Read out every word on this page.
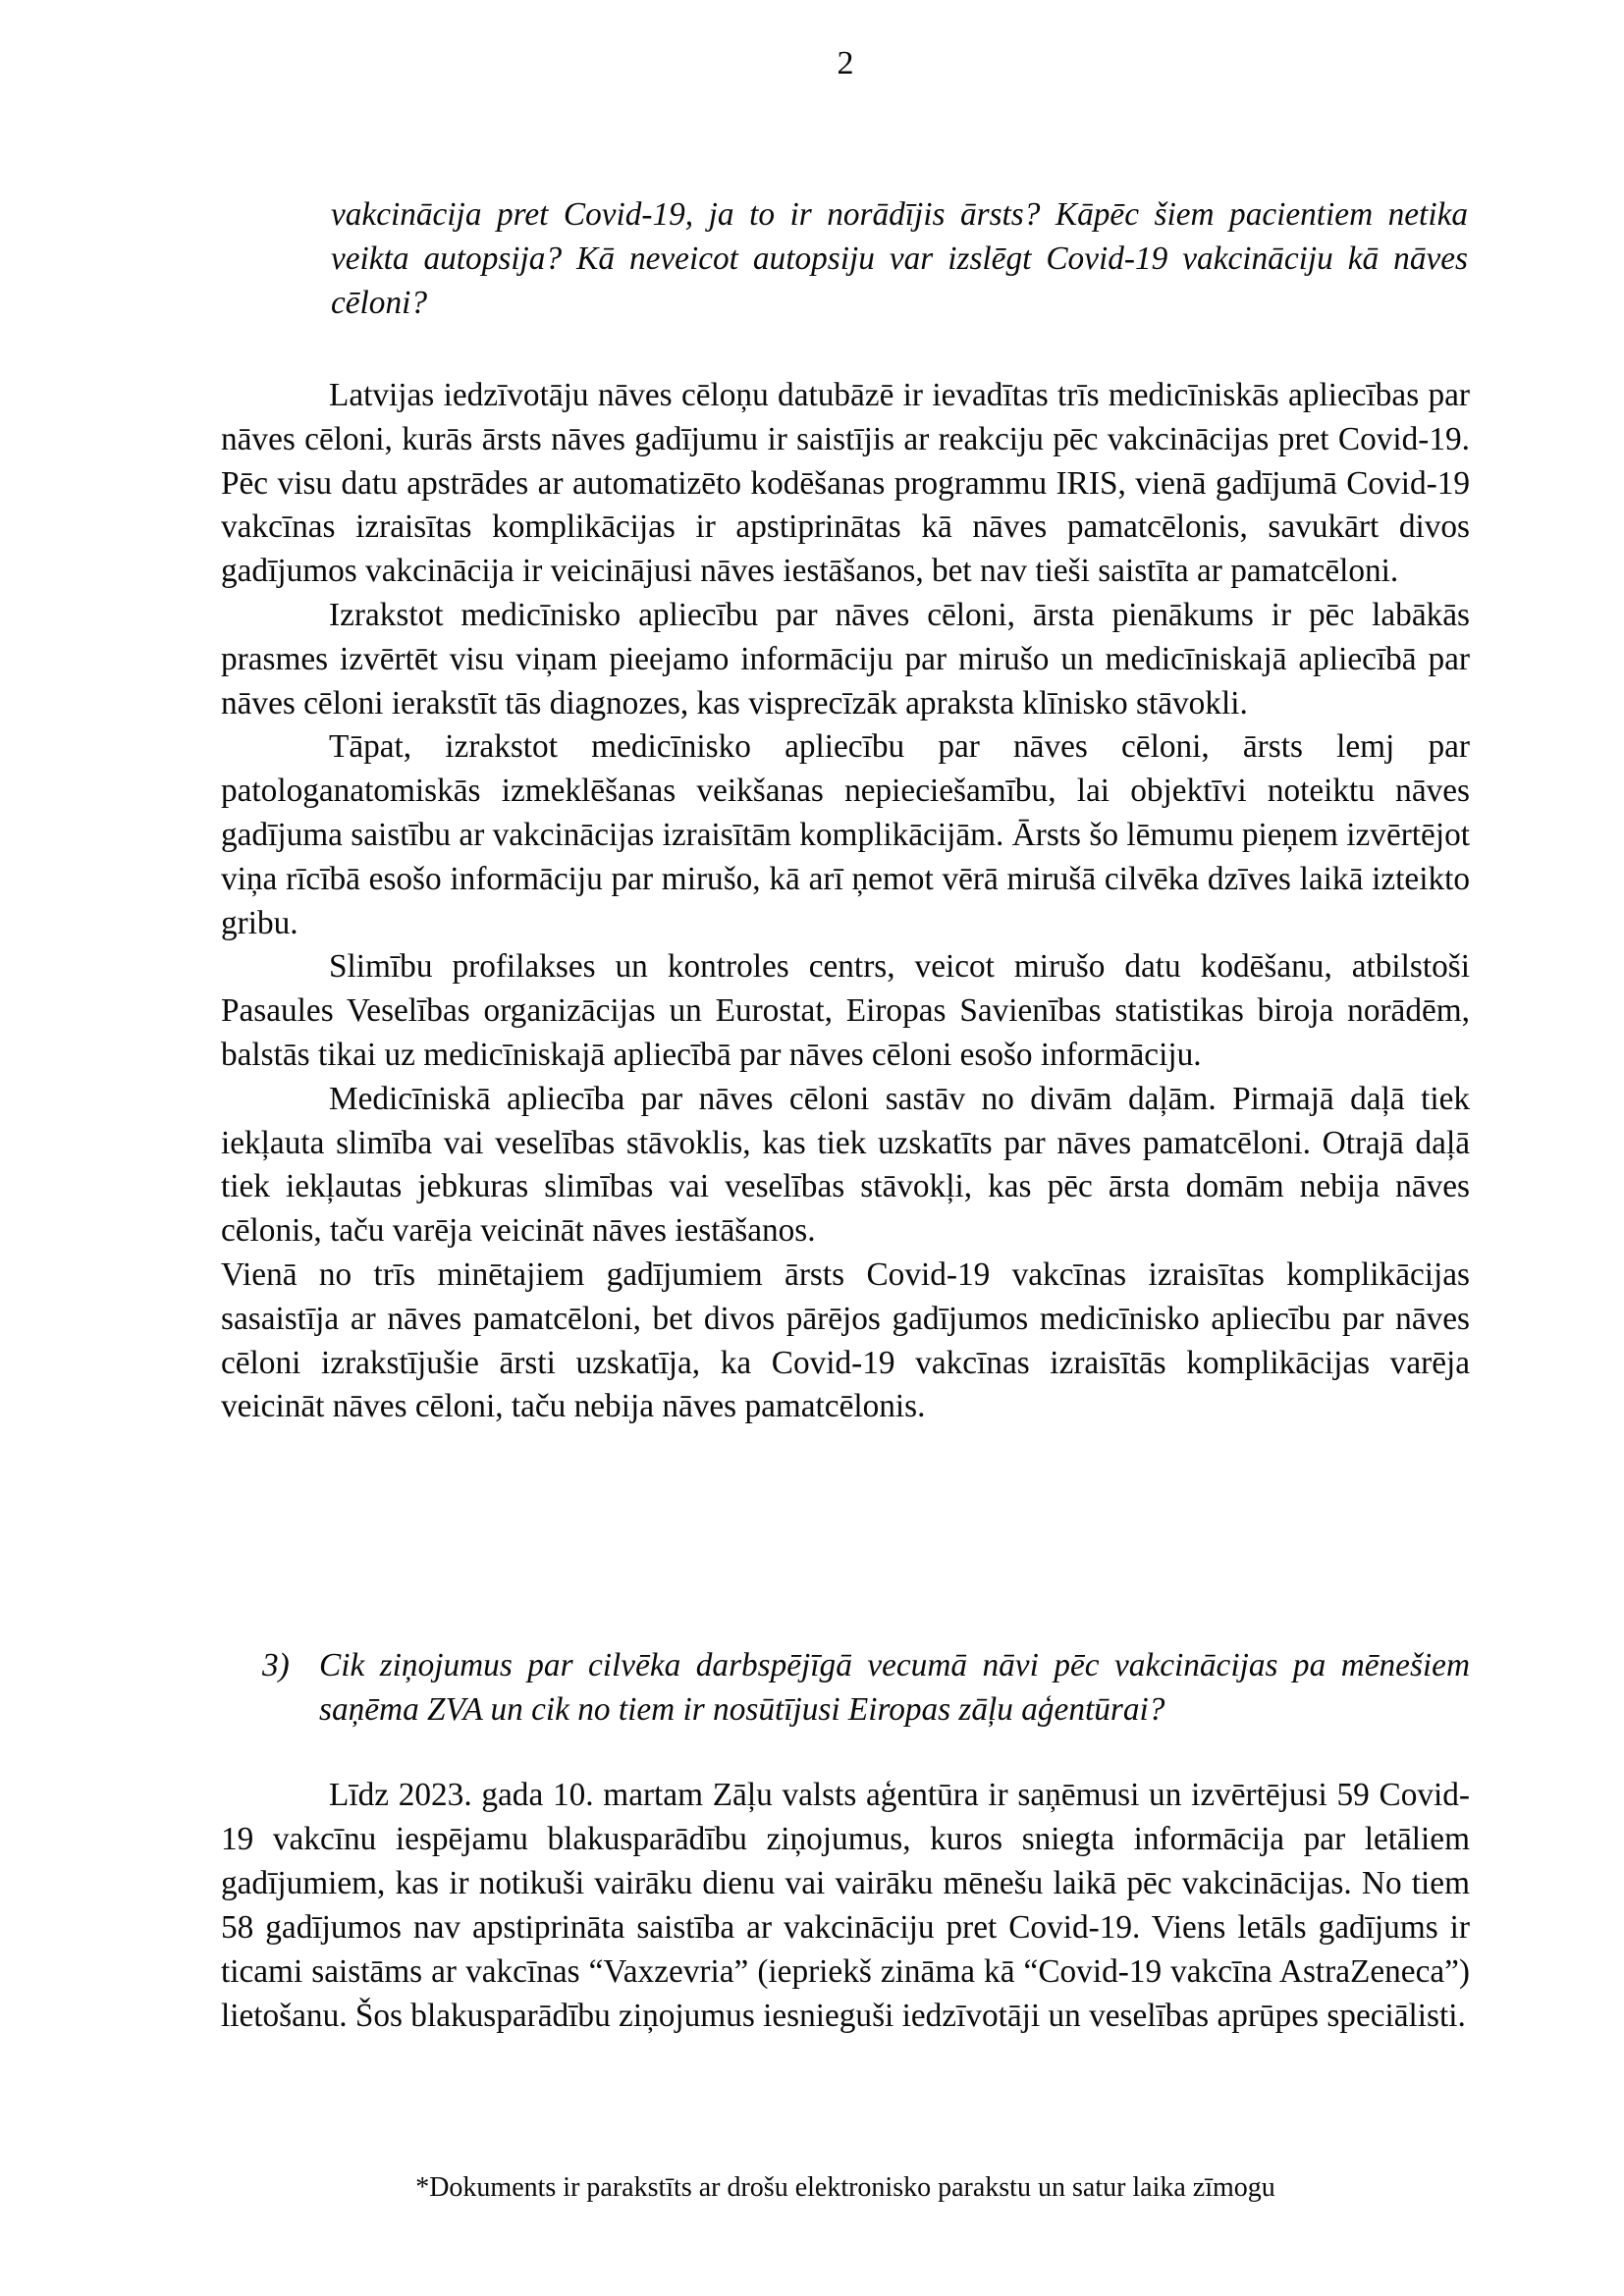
2
vakcinācija pret Covid-19, ja to ir norādījis ārsts? Kāpēc šiem pacientiem netika veikta autopsija? Kā neveicot autopsiju var izslēgt Covid-19 vakcināciju kā nāves cēloni?

Latvijas iedzīvotāju nāves cēloņu datubāzē ir ievadītas trīs medicīniskās apliecības par nāves cēloni, kurās ārsts nāves gadījumu ir saistījis ar reakciju pēc vakcinācijas pret Covid-19. Pēc visu datu apstrādes ar automatizēto kodēšanas programmu IRIS, vienā gadījumā Covid-19 vakcīnas izraisītas komplikācijas ir apstiprinātas kā nāves pamatcēlonis, savukārt divos gadījumos vakcinācija ir veicinājusi nāves iestāšanos, bet nav tieši saistīta ar pamatcēloni.

Izrakstot medicīnisko apliecību par nāves cēloni, ārsta pienākums ir pēc labākās prasmes izvērtēt visu viņam pieejamo informāciju par mirušo un medicīniskajā apliecībā par nāves cēloni ierakstīt tās diagnozes, kas visprecīzāk apraksta klīnisko stāvokli.

Tāpat, izrakstot medicīnisko apliecību par nāves cēloni, ārsts lemj par patologanatomiskās izmeklēšanas veikšanas nepieciešamību, lai objektīvi noteiktu nāves gadījuma saistību ar vakcinācijas izraisītām komplikācijām. Ārsts šo lēmumu pieņem izvērtējot viņa rīcībā esošo informāciju par mirušo, kā arī ņemot vērā mirušā cilvēka dzīves laikā izteikto gribu.

Slimību profilakses un kontroles centrs, veicot mirušo datu kodēšanu, atbilstoši Pasaules Veselības organizācijas un Eurostat, Eiropas Savienības statistikas biroja norādēm, balstās tikai uz medicīniskajā apliecībā par nāves cēloni esošo informāciju.

Medicīniskā apliecība par nāves cēloni sastāv no divām daļām. Pirmajā daļā tiek iekļauta slimība vai veselības stāvoklis, kas tiek uzskatīts par nāves pamatcēloni. Otrajā daļā tiek iekļautas jebkuras slimības vai veselības stāvokļi, kas pēc ārsta domām nebija nāves cēlonis, taču varēja veicināt nāves iestāšanos.

Vienā no trīs minētajiem gadījumiem ārsts Covid-19 vakcīnas izraisītas komplikācijas sasaistīja ar nāves pamatcēloni, bet divos pārējos gadījumos medicīnisko apliecību par nāves cēloni izrakstījušie ārsti uzskatīja, ka Covid-19 vakcīnas izraisītās komplikācijas varēja veicināt nāves cēloni, taču nebija nāves pamatcēlonis.

3) Cik ziņojumus par cilvēka darbspējīgā vecumā nāvi pēc vakcinācijas pa mēnešiem saņēma ZVA un cik no tiem ir nosūtījusi Eiropas zāļu aģentūrai?
Līdz 2023. gada 10. martam Zāļu valsts aģentūra ir saņēmusi un izvērtējusi 59 Covid-19 vakcīnu iespējamu blakusparādību ziņojumus, kuros sniegta informācija par letāliem gadījumiem, kas ir notikuši vairāku dienu vai vairāku mēnešu laikā pēc vakcinācijas. No tiem 58 gadījumos nav apstiprināta saistība ar vakcināciju pret Covid-19. Viens letāls gadījums ir ticami saistāms ar vakcīnas “Vaxzevria” (iepriekš zināma kā “Covid-19 vakcīna AstraZeneca”) lietošanu. Šos blakusparādību ziņojumus iesnieguši iedzīvotāji un veselības aprūpes speciālisti.
*Dokuments ir parakstīts ar drošu elektronisko parakstu un satur laika zīmogu
